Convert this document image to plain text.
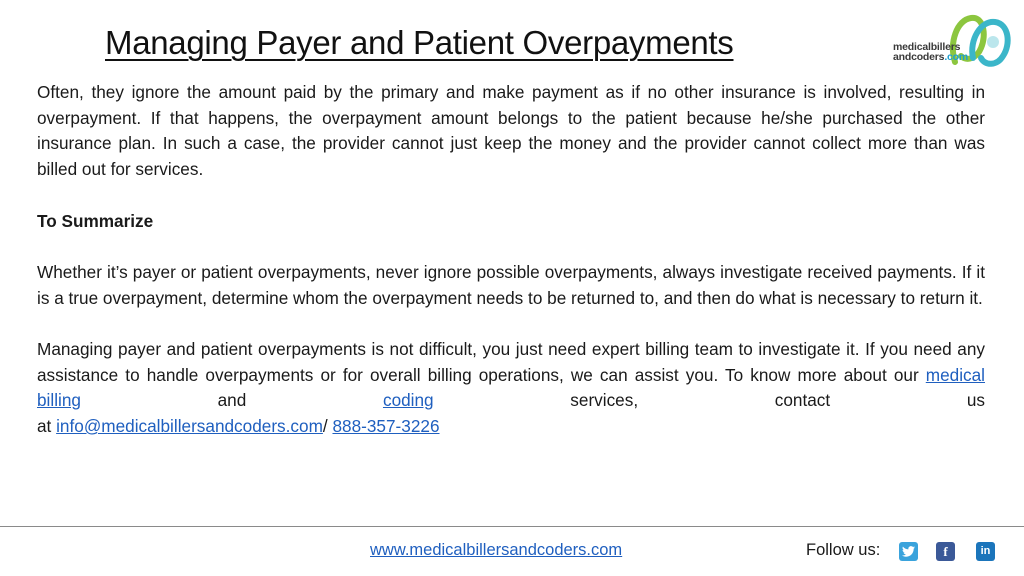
Managing Payer and Patient Overpayments	medicalbillers
andcoders.com

Often, they ignore the amount paid by the primary and make payment as if no other insurance is involved, resulting in overpayment. If that happens, the overpayment amount belongs to the patient because he/she purchased the other insurance plan. In such a case, the provider cannot just keep the money and the provider cannot collect more than was billed out for services.

To Summarize

Whether it’s payer or patient overpayments, never ignore possible overpayments, always investigate received payments. If it is a true overpayment, determine whom the overpayment needs to be returned to, and then do what is necessary to return it.

Managing payer and patient overpayments is not difficult, you just need expert billing team to investigate it. If you need any assistance to handle overpayments or for overall billing operations, we can assist you. To know more about our medical billing and coding services, contact us

at info@medicalbillersandcoders.com/ 888-357-3226

www.medicalbillersandcoders.com	Follow us:	f	in
